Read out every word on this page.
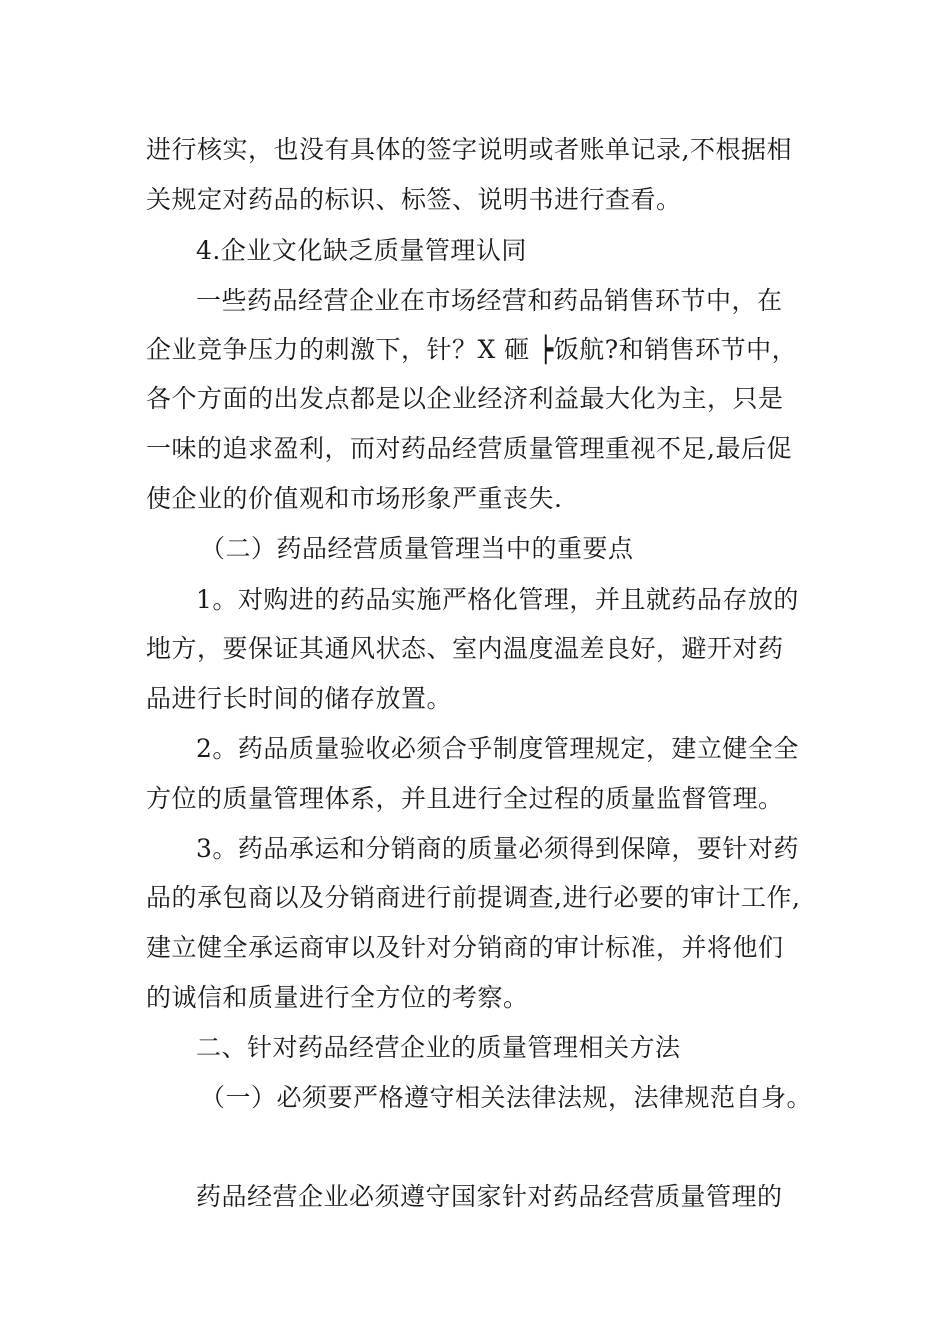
进行核实，也没有具体的签字说明或者账单记录,不根据相
关规定对药品的标识、标签、说明书进行查看。
4.企业文化缺乏质量管理认同
一些药品经营企业在市场经营和药品销售环节中，在
企业竞争压力的刺激下，针？X 砸 ┝饭航?和销售环节中，
各个方面的出发点都是以企业经济利益最大化为主，只是
一味的追求盈利，而对药品经营质量管理重视不足,最后促
使企业的价值观和市场形象严重丧失.
（二）药品经营质量管理当中的重要点
1。对购进的药品实施严格化管理，并且就药品存放的
地方，要保证其通风状态、室内温度温差良好，避开对药
品进行长时间的储存放置。
2。药品质量验收必须合乎制度管理规定，建立健全全
方位的质量管理体系，并且进行全过程的质量监督管理。
3。药品承运和分销商的质量必须得到保障，要针对药
品的承包商以及分销商进行前提调查,进行必要的审计工作,
建立健全承运商审以及针对分销商的审计标准，并将他们
的诚信和质量进行全方位的考察。
二、针对药品经营企业的质量管理相关方法
（一）必须要严格遵守相关法律法规，法律规范自身。
药品经营企业必须遵守国家针对药品经营质量管理的
